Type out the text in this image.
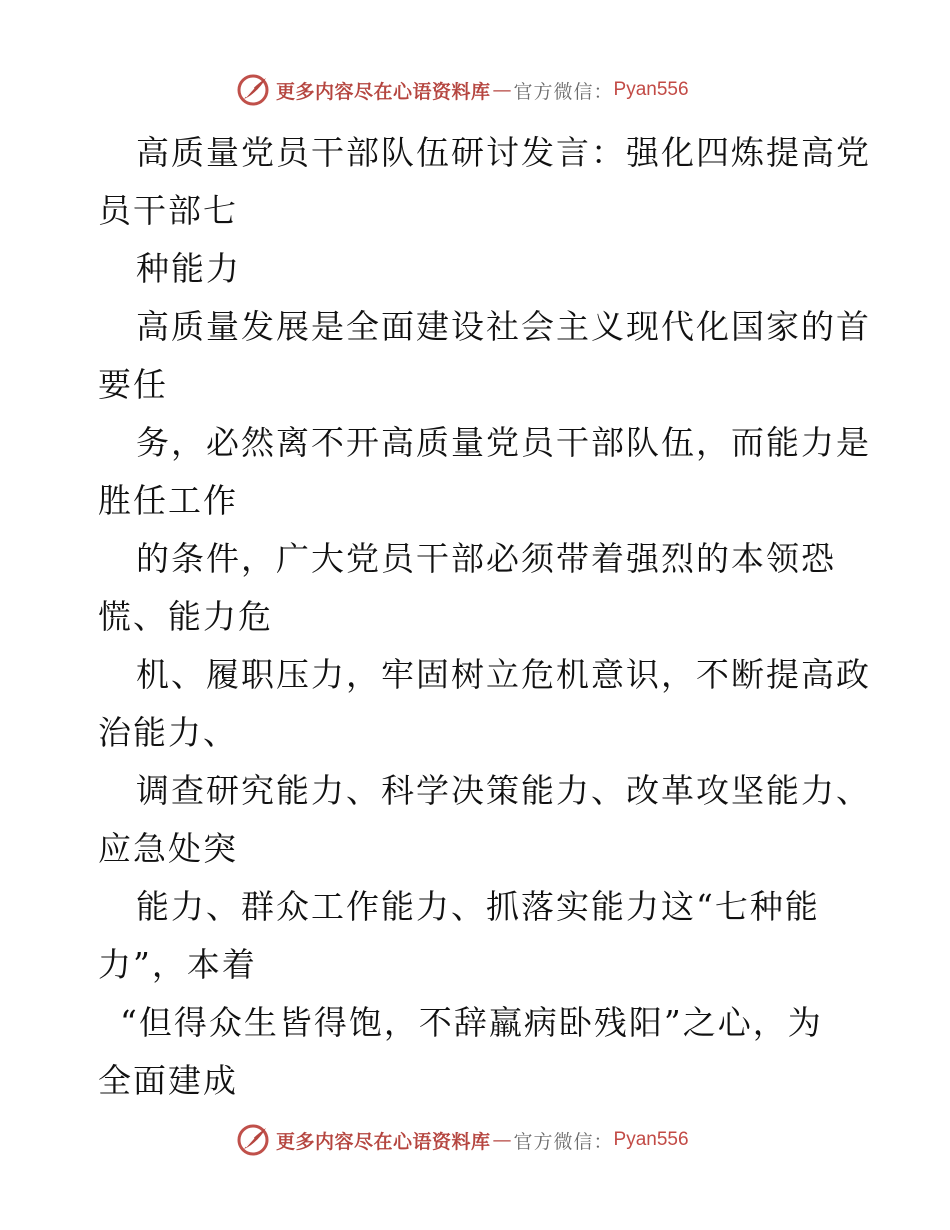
更多内容尽在心语资料库 — 官方微信： Pyan556
高质量党员干部队伍研讨发言：强化四炼提高党
员干部七
种能力
高质量发展是全面建设社会主义现代化国家的首
要任
务，必然离不开高质量党员干部队伍，而能力是
胜任工作
的条件，广大党员干部必须带着强烈的本领恐
慌、能力危
机、履职压力，牢固树立危机意识，不断提高政
治能力、
调查研究能力、科学决策能力、改革攻坚能力、
应急处突
能力、群众工作能力、抓落实能力这“七种能
力”，本着
“但得众生皆得饱，不辞羸病卧残阳”之心，为
全面建成
更多内容尽在心语资料库 — 官方微信： Pyan556
